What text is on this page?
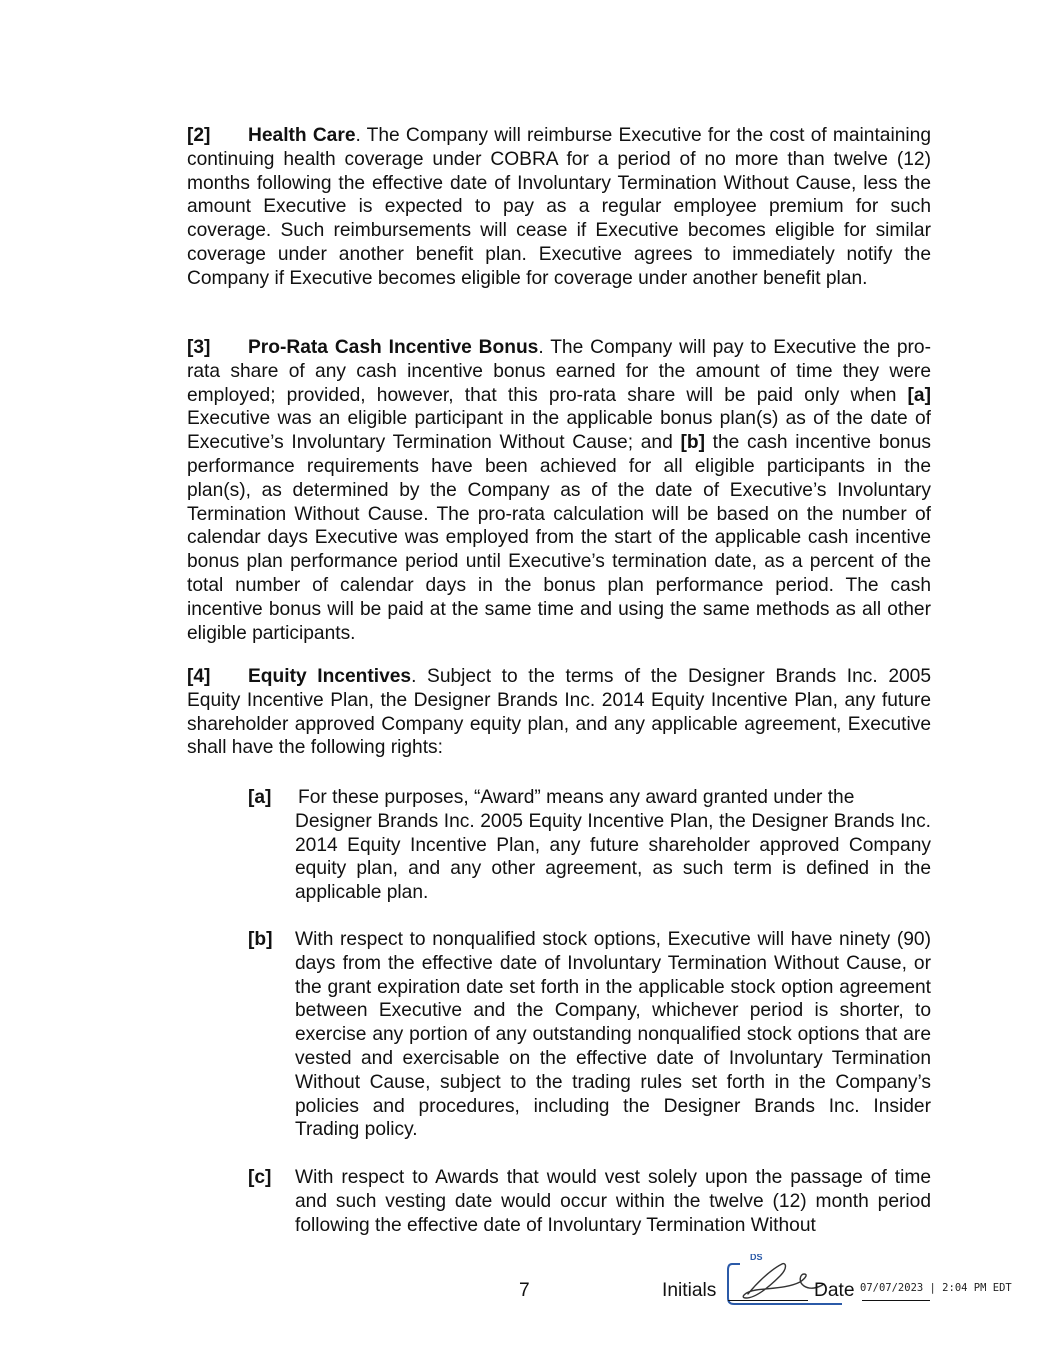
[2] Health Care. The Company will reimburse Executive for the cost of maintaining continuing health coverage under COBRA for a period of no more than twelve (12) months following the effective date of Involuntary Termination Without Cause, less the amount Executive is expected to pay as a regular employee premium for such coverage. Such reimbursements will cease if Executive becomes eligible for similar coverage under another benefit plan. Executive agrees to immediately notify the Company if Executive becomes eligible for coverage under another benefit plan.

[3] Pro-Rata Cash Incentive Bonus. The Company will pay to Executive the pro-rata share of any cash incentive bonus earned for the amount of time they were employed; provided, however, that this pro-rata share will be paid only when [a] Executive was an eligible participant in the applicable bonus plan(s) as of the date of Executive’s Involuntary Termination Without Cause; and [b] the cash incentive bonus performance requirements have been achieved for all eligible participants in the plan(s), as determined by the Company as of the date of Executive’s Involuntary Termination Without Cause. The pro-rata calculation will be based on the number of calendar days Executive was employed from the start of the applicable cash incentive bonus plan performance period until Executive’s termination date, as a percent of the total number of calendar days in the bonus plan performance period. The cash incentive bonus will be paid at the same time and using the same methods as all other eligible participants.

[4] Equity Incentives. Subject to the terms of the Designer Brands Inc. 2005 Equity Incentive Plan, the Designer Brands Inc. 2014 Equity Incentive Plan, any future shareholder approved Company equity plan, and any applicable agreement, Executive shall have the following rights:

[a]	For these purposes, “Award” means any award granted under the
Designer Brands Inc. 2005 Equity Incentive Plan, the Designer Brands Inc. 2014 Equity Incentive Plan, any future shareholder approved Company equity plan, and any other agreement, as such term is defined in the applicable plan.
[b] With respect to nonqualified stock options, Executive will have ninety (90) days from the effective date of Involuntary Termination Without Cause, or the grant expiration date set forth in the applicable stock option agreement between Executive and the Company, whichever period is shorter, to exercise any portion of any outstanding nonqualified stock options that are vested and exercisable on the effective date of Involuntary Termination Without Cause, subject to the trading rules set forth in the Company’s policies and procedures, including the Designer Brands Inc. Insider Trading policy.
[c] With respect to Awards that would vest solely upon the passage of time and such vesting date would occur within the twelve (12) month period following the effective date of Involuntary Termination Without
7	Initials
DS
Date 07/07/2023 | 2:04 PM EDT
